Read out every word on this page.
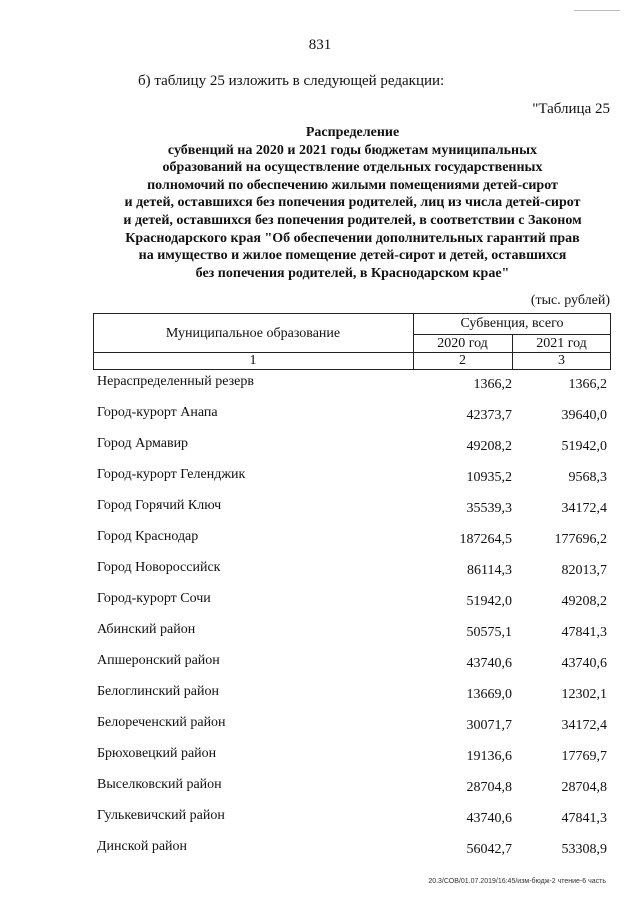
831
б) таблицу 25 изложить в следующей редакции:
"Таблица 25
Распределение
субвенций на 2020 и 2021 годы бюджетам муниципальных
образований на осуществление отдельных государственных
полномочий по обеспечению жилыми помещениями детей-сирот
и детей, оставшихся без попечения родителей, лиц из числа детей-сирот
и детей, оставшихся без попечения родителей, в соответствии с Законом
Краснодарского края "Об обеспечении дополнительных гарантий прав
на имущество и жилое помещение детей-сирот и детей, оставшихся
без попечения родителей, в Краснодарском крае"
(тыс. рублей)
Муниципальное образование
Субвенция, всего
2020 год	2021 год
1	2	3
Нераспределенный резерв	1366,2	1366,2
Город-курорт Анапа	42373,7	39640,0
Город Армавир	49208,2	51942,0
Город-курорт Геленджик	10935,2	9568,3
Город Горячий Ключ	35539,3	34172,4
Город Краснодар	187264,5	177696,2
Город Новороссийск	86114,3	82013,7
Город-курорт Сочи	51942,0	49208,2
Абинский район	50575,1	47841,3
Апшеронский район	43740,6	43740,6
Белоглинский район	13669,0	12302,1
Белореченский район	30071,7	34172,4
Брюховецкий район	19136,6	17769,7
Выселковский район	28704,8	28704,8
Гулькевичский район	43740,6	47841,3
Динской район	56042,7	53308,9
20.3/СОВ/01.07.2019/16:45/изм-бюдж-2 чтение-6 часть
